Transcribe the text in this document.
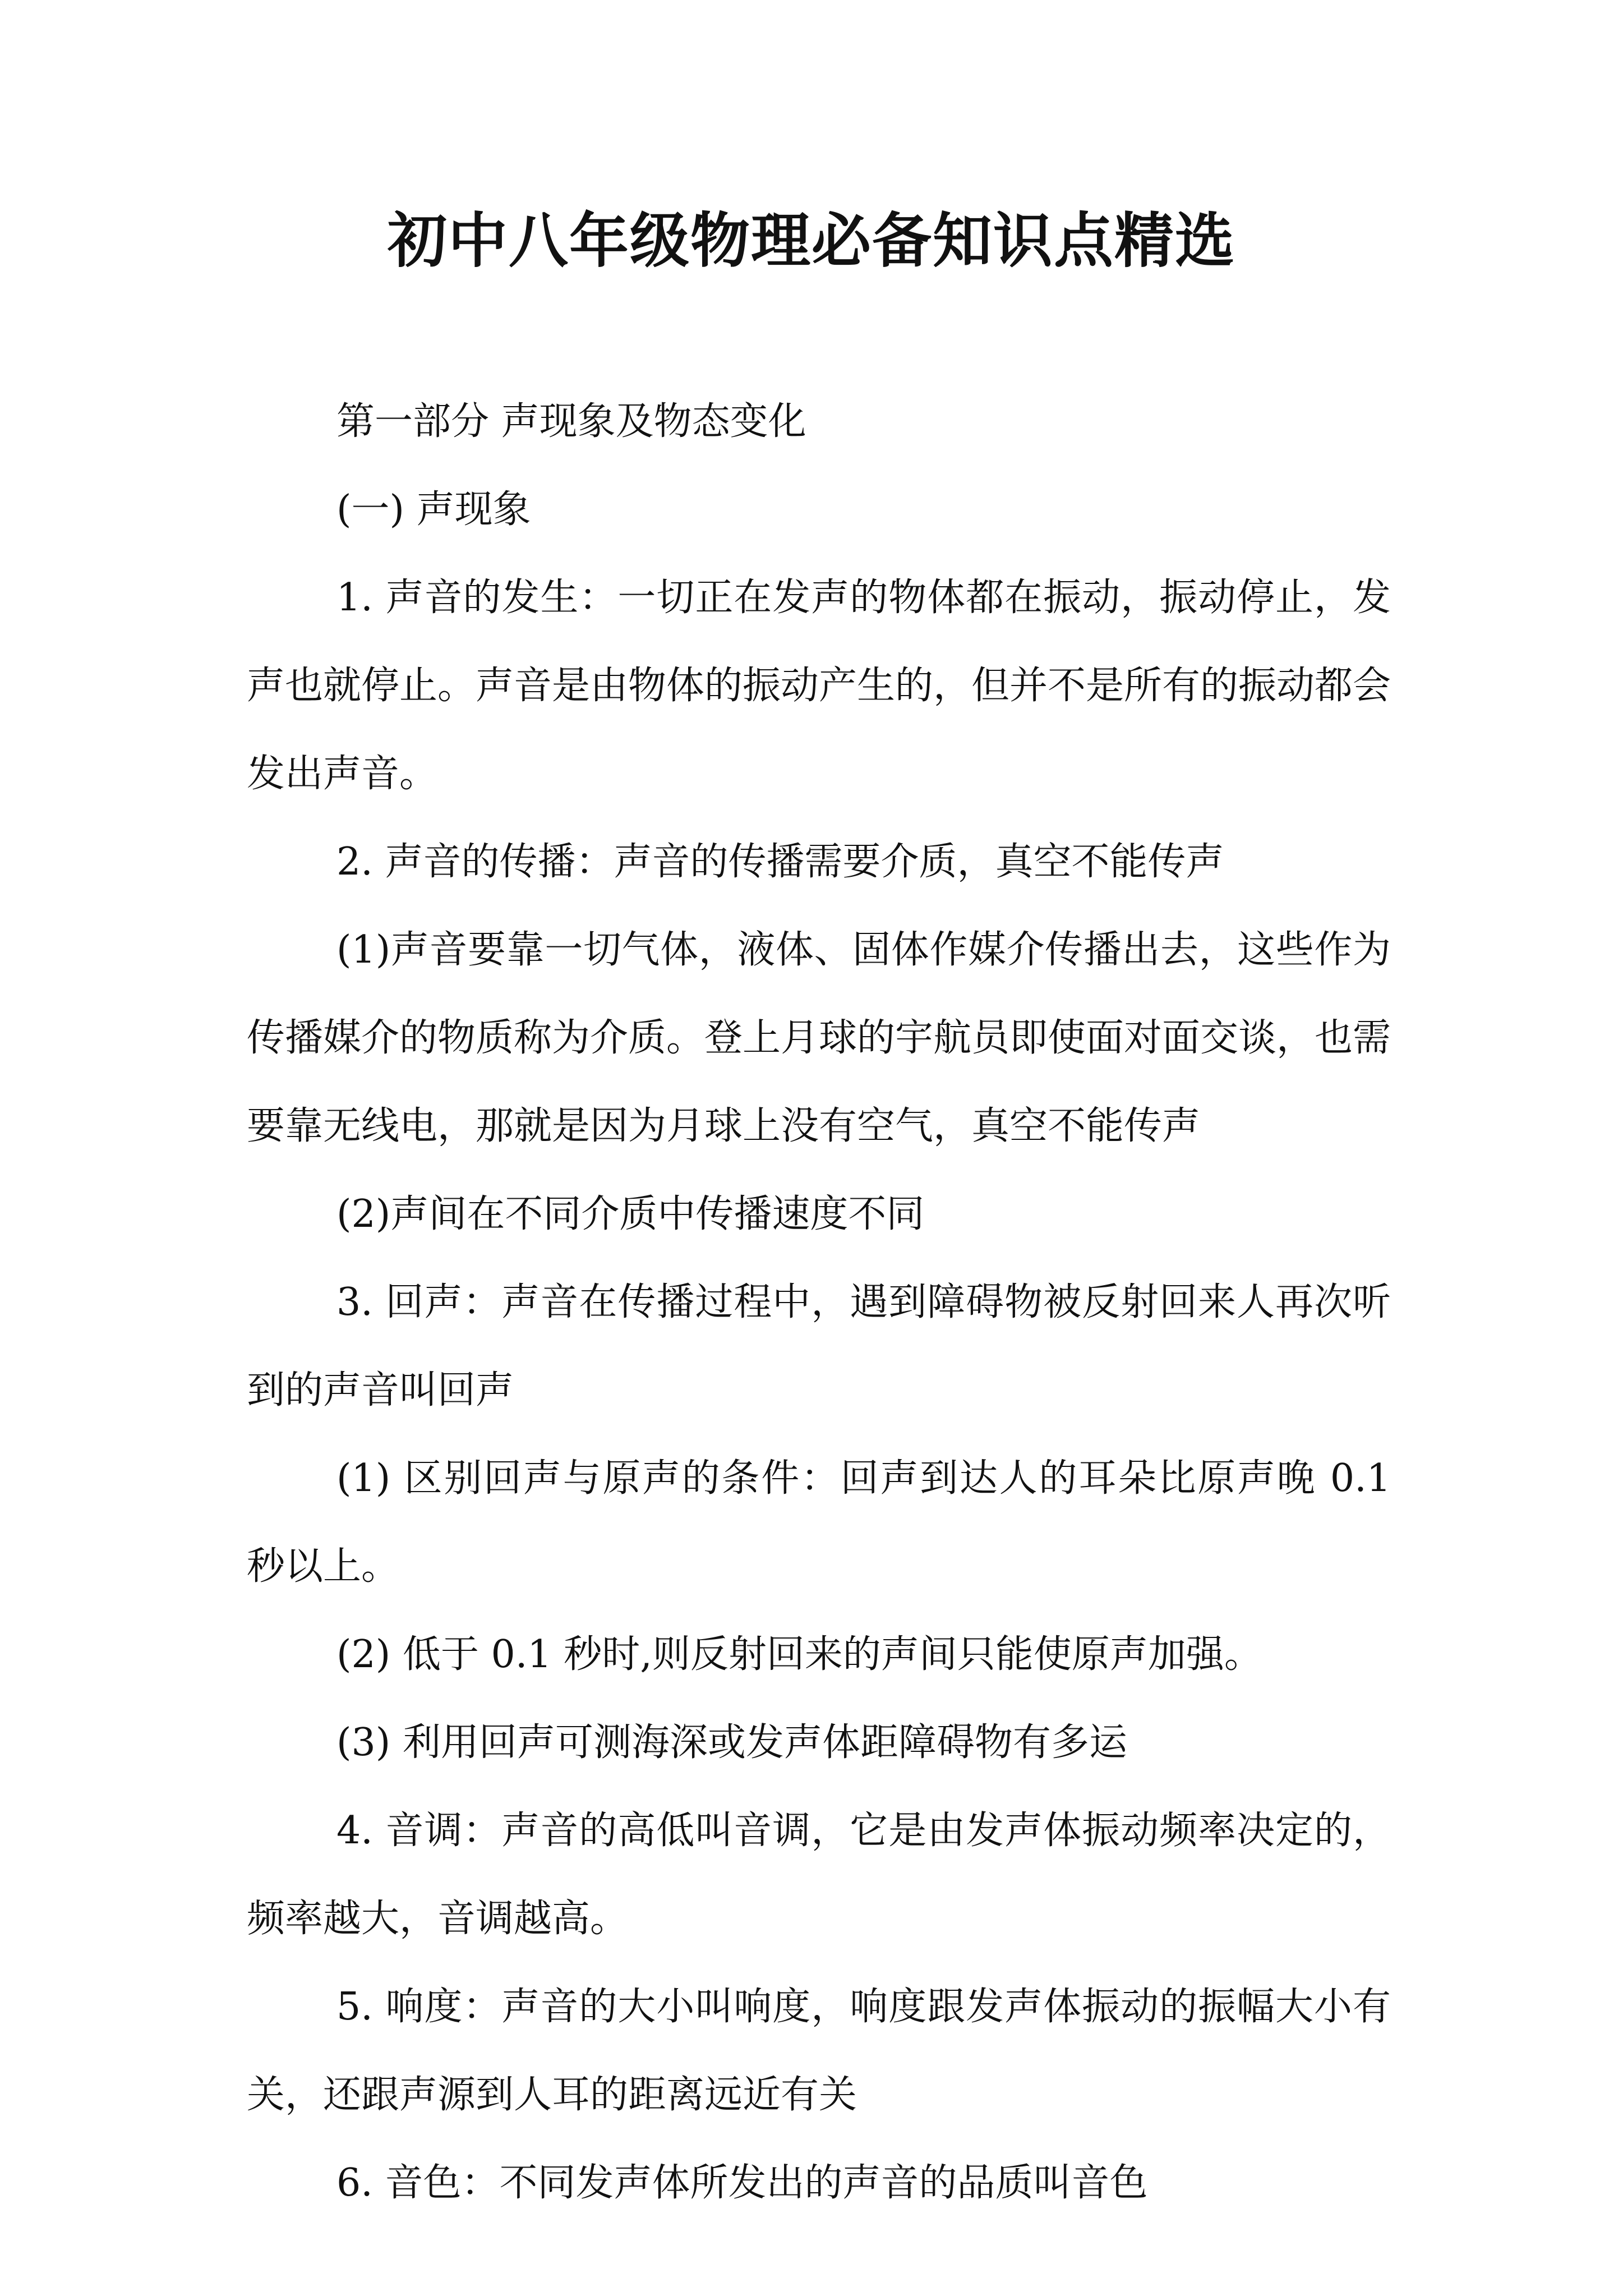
初中八年级物理必备知识点精选

第一部分 声现象及物态变化

(一) 声现象

1. 声音的发生：一切正在发声的物体都在振动，振动停止，发声也就停止。声音是由物体的振动产生的，但并不是所有的振动都会发出声音。

2. 声音的传播：声音的传播需要介质，真空不能传声

(1)声音要靠一切气体，液体、固体作媒介传播出去，这些作为传播媒介的物质称为介质。登上月球的宇航员即使面对面交谈，也需要靠无线电，那就是因为月球上没有空气，真空不能传声

(2)声间在不同介质中传播速度不同

3. 回声：声音在传播过程中，遇到障碍物被反射回来人再次听到的声音叫回声

(1) 区别回声与原声的条件：回声到达人的耳朵比原声晚 0.1 秒以上。

(2) 低于 0.1 秒时,则反射回来的声间只能使原声加强。

(3) 利用回声可测海深或发声体距障碍物有多运

4. 音调：声音的高低叫音调，它是由发声体振动频率决定的，频率越大，音调越高。

5. 响度：声音的大小叫响度，响度跟发声体振动的振幅大小有关，还跟声源到人耳的距离远近有关

6. 音色：不同发声体所发出的声音的品质叫音色
